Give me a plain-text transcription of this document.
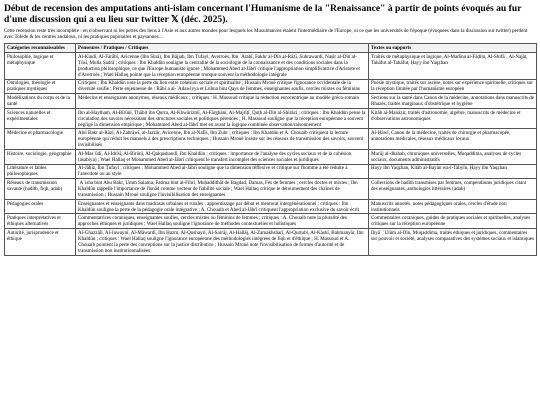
Début de recension des amputations anti-islam concernant l'Humanisme de la "Renaissance" à partir de points évoqués au fur d'une discussion qui a eu lieu sur twitter 𝕏 (déc. 2025).

Cette recension reste très incomplète : en n'observant ni les pertes des liens à l'Asie et aux autres mondes pour lesquels les Musulman/es étaient l'intermédiaire de l'Europe, ni ce que les universités de l'époque (évoquées dans la discussion sur twitter) perdent avec Tolède & les centres andalous, ni les pratiques populaires et paysannes…

Catégories reconnaissables	Penseures / Pratiques / Critiques	Textes ou supports
Philosophie, logique et métaphysique	Al-Kindī, Al-Fārābī, Avicenne (Ibn Sīnā), Ibn Bājjah, Ibn Ṭufayl, Averroès, Ibn ʿArabī, Fakhr al-Dīn al-Rāzī, Suhrawardī, Naṣīr al-Dīn al-Ṭūsī, Mulla Ṣadrā ; critiques : Ibn Khaldūn souligne la centralité de la sociologie de la connaissance et des conditions sociales dans la production philosophique, ce que l'Europe humaniste ignore ; Mohammed Abed al-Jābrī critique l'appropriation simplificatrice d'Aristote et d'Averroès ; Wael Hallaq pointe que la réception européenne tronque souvent la méthodologie intégrale	Traités de métaphysique et logique, Al-Madīna al-Fāḍila, Al-Shifāʾ, Al-Najāt, Tahāfut al-Tahāfut, Ḥayy ibn Yaqẓhan
Ontologies, théologie et pratiques mystiques	Critiques : Ibn Khaldūn note la perte du lien entre cohésion sociale et spiritualité ; Hussain Mroué critique l'ignorance occidentale de la diversité soufie ; Perte enjeunesse de : Rābiʿa al-ʿAdawiyya et Lubna bint Qays de femmes, enseignantes soufis, cercles mixtes ou féminins	Poésie mystique, traités sur ascèse, notes sur expérience spirituelle, critiques sur la réception limitée par l'humanisme européen
Modélisations du corps et de la santé	Médecins et enseignants anonymes, réseaux médicaux ; critiques : H. Massoud critique la réduction eurocentrique au modèle gréco-romain	Sections sur la santé dans Canon de la médecine, annotations dans manuscrits de Rhazès, traités marginaux d'obstétrique et hygiène
Sciences naturelles et expérimentales	Ibn al-Haytham, Al-Bīrūnī, Thābit ibn Qurra, Al-Khwārizmī, Al-Fārghānī, Al-Majrīṭī, Quṭb al-Dīn al-Shīrāzī ; critiques : Ibn Khaldūn pense la circulation des savoirs nécessitant des structures sociales et politiques pérennes ; H. Massoud souligne que la réception européenne a souvent négligé la dimension empirique ; Mohammed Abed al-Jābrī met en avant la logique combinée observation/raisonnement	Kitāb al-Manāẓir, traités d'astronomie, algèbre, manuscrits de médecine et d'observations astronomiques
Médecine et pharmacologie	Abū Bakr al-Rāzī, Al-Zahrāwī, al-Jazzār, Avicenne, Ibn al-Nafīs, Ibn Zuhr ; critiques : Ibn Khaldūn et A. Chouaib critiquent la lecture européenne qui réduit les manuels à des prescriptions techniques ; Hussain Mroué insiste sur les réseaux de transmission des savoirs, souvent invisibilisés	Al-Ḥāwī, Canon de la médecine, traités de chirurgie et pharmacopée, annotations médicales, réseaux médicaux locaux
Histoire, sociologie, géographie	Al-Masʿūdī, Al-Idrīsī, Al-Bīrūnī, Al-Qalqashandī, Ibn Khaldūn ; critiques : importance de l'analyse des cycles sociaux et de la cohésion (asabiya) ; Wael Hallaq et Mohammed Abed al-Jābrī critiquent le transfert incomplet des sciences sociales et juridiques	Murūj al-dhahab, chroniques universelles, Muqaddima, analyses de cycles sociaux, documents administratifs
Littérature et fables philosophiques	Al-Jāḥiẓ, Ibn Ṭufayl ; critiques : Mohammed Abed al-Jābrī souligne que la dimension réflexive et critique sur l'homme a été réduite à l'anecdote ou au style	Ḥayy ibn Yaqẓhan, Kitāb al-Bayān wa-l-Tabyīn, Ḥayy ibn Yaqẓhan
Réseaux de transmission savante (hadith, fiqh, adab)	ʿAʾisha bint Abu Bakr, Umm Salama, Fatima bint al-Fihri, Muḥaddithāt de Bagdad, Damas, Fès de femmes ; cercles doctes et mixtes ; Ibn Khaldūn rappelle l'importance de l'isnād comme vecteur de fiabilité sociale ; Wael Hallaq critique le détournement des chaînes de transmission ; Hussain Mroué souligne l'invisibilisation des enseignantes	Collections de hadīth transmises par femmes, compendiums juridiques citant des enseignantes, anthologies littéraires (adab)
Pédagogies orales	Enseignantes et enseignants dans madrasas urbaines et rurales ; apprentissage par débat et mentorat intergénérationnel ; critiques : Ibn Khaldūn souligne la perte de la pédagogie orale intégrative ; A. Chouaib et Abed al-Jābrī critiquent l'appropriation exclusive du savoir écrit	Manuscrits annotés, notes pédagogiques orales, cercles d'étude non institutionnels
Pratiques interprétatives et éthiques alternatives	Commentatrices coraniques, enseignantes soufies, cercles mixtes ou féminins de femmes ; critiques : A. Chouaib note la pluralité des approches éthiques et juridiques ; Wael Hallaq souligne l'ignorance de méthodes contextuelles et holistiques	Commentaires coraniques, guides de pratiques sociales et spirituelles, analyses critiques sur la réception européenne
Autorité, jurisprudence et éthique	Al-Ghazzālī, Al-Juwaynī, Al-Māwardī, Ibn Ḥazm, Al-Qushayrī, Al-Sarrāj, Al-Hallāj, Al-Zamakhsharī, Al-Qurṭubī, Al-Kāshī, Bahmanyār, Ibn Khaldūn ; critiques : Wael Hallaq souligne l'ignorance européenne des méthodologies intégrées de fiqh et d'éthique ; H. Massoud et A. Chouaib pointent la perte des conceptions sur la justice distributive ; Hussain Mroué note l'invisibilisation de formes d'autorité et de transmission non institutionnalisées	Iḥyāʾ ʿUlūm al-Dīn, Muqaddima, traités éthiques et juridiques, commentaires sur pouvoir et société, analyses comparatives des systèmes sociaux et islamiques
